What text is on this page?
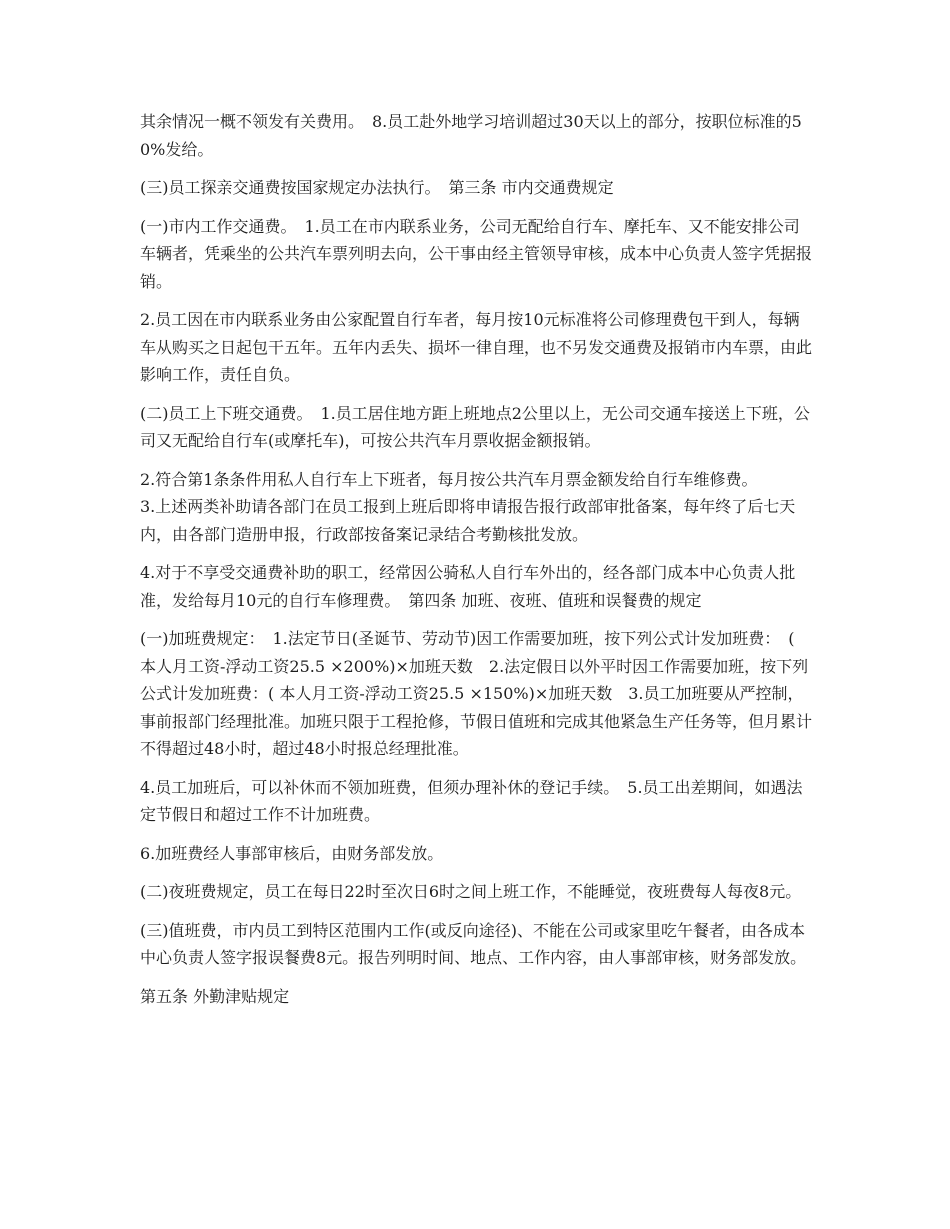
其余情况一概不领发有关费用。　8.员工赴外地学习培训超过30天以上的部分，按职位标准的50%发给。

(三)员工探亲交通费按国家规定办法执行。　第三条 市内交通费规定

(一)市内工作交通费。　1.员工在市内联系业务，公司无配给自行车、摩托车、又不能安排公司车辆者，凭乘坐的公共汽车票列明去向，公干事由经主管领导审核，成本中心负责人签字凭据报销。

2.员工因在市内联系业务由公家配置自行车者，每月按10元标准将公司修理费包干到人，每辆车从购买之日起包干五年。五年内丢失、损坏一律自理，也不另发交通费及报销市内车票，由此影响工作，责任自负。

(二)员工上下班交通费。　1.员工居住地方距上班地点2公里以上，无公司交通车接送上下班，公司又无配给自行车(或摩托车)，可按公共汽车月票收据金额报销。

2.符合第1条条件用私人自行车上下班者，每月按公共汽车月票金额发给自行车维修费。

3.上述两类补助请各部门在员工报到上班后即将申请报告报行政部审批备案，每年终了后七天内，由各部门造册申报，行政部按备案记录结合考勤核批发放。

4.对于不享受交通费补助的职工，经常因公骑私人自行车外出的，经各部门成本中心负责人批准，发给每月10元的自行车修理费。　第四条 加班、夜班、值班和误餐费的规定

(一)加班费规定：　1.法定节日(圣诞节、劳动节)因工作需要加班，按下列公式计发加班费：　( 本人月工资-浮动工资25.5 ×200%)×加班天数　2.法定假日以外平时因工作需要加班，按下列公式计发加班费：( 本人月工资-浮动工资25.5 ×150%)×加班天数　3.员工加班要从严控制，事前报部门经理批准。加班只限于工程抢修，节假日值班和完成其他紧急生产任务等，但月累计不得超过48小时，超过48小时报总经理批准。

4.员工加班后，可以补休而不领加班费，但须办理补休的登记手续。　5.员工出差期间，如遇法定节假日和超过工作不计加班费。

6.加班费经人事部审核后，由财务部发放。

(二)夜班费规定，员工在每日22时至次日6时之间上班工作，不能睡觉，夜班费每人每夜8元。

(三)值班费，市内员工到特区范围内工作(或反向途径)、不能在公司或家里吃午餐者，由各成本中心负责人签字报误餐费8元。报告列明时间、地点、工作内容，由人事部审核，财务部发放。

第五条 外勤津贴规定
